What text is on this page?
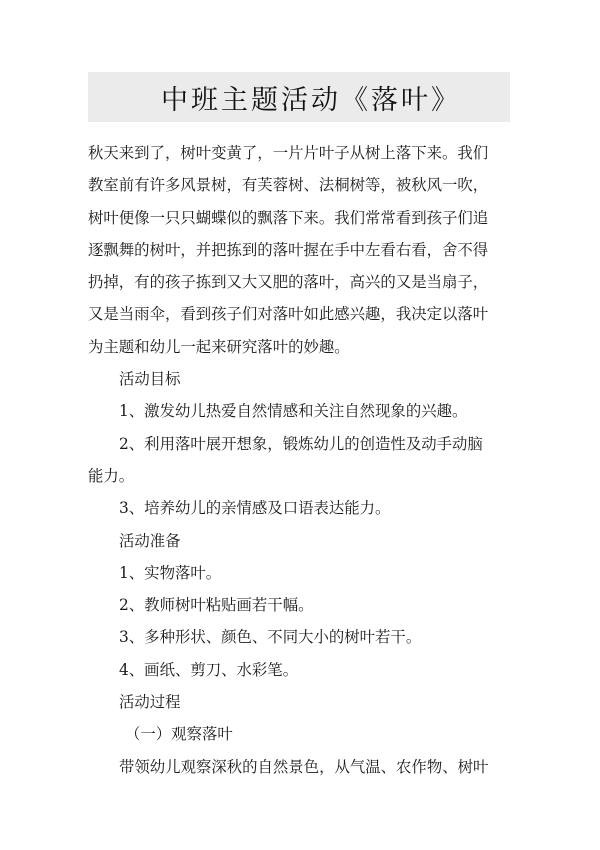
中班主题活动《落叶》
秋天来到了，树叶变黄了，一片片叶子从树上落下来。我们
教室前有许多风景树，有芙蓉树、法桐树等，被秋风一吹，
树叶便像一只只蝴蝶似的飘落下来。我们常常看到孩子们追
逐飘舞的树叶，并把拣到的落叶握在手中左看右看，舍不得
扔掉，有的孩子拣到又大又肥的落叶，高兴的又是当扇子，
又是当雨伞，看到孩子们对落叶如此感兴趣，我决定以落叶
为主题和幼儿一起来研究落叶的妙趣。
活动目标
1、激发幼儿热爱自然情感和关注自然现象的兴趣。
2、利用落叶展开想象，锻炼幼儿的创造性及动手动脑
能力。
3、培养幼儿的亲情感及口语表达能力。
活动准备
1、实物落叶。
2、教师树叶粘贴画若干幅。
3、多种形状、颜色、不同大小的树叶若干。
4、画纸、剪刀、水彩笔。
活动过程
（一）观察落叶
带领幼儿观察深秋的自然景色，从气温、农作物、树叶
